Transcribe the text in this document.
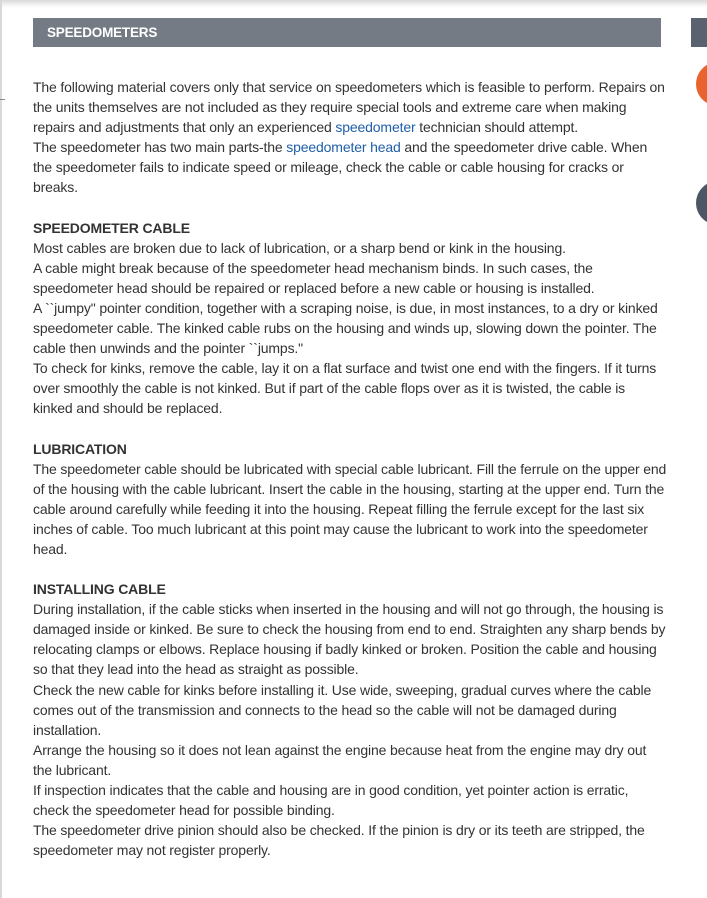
SPEEDOMETERS

The following material covers only that service on speedometers which is feasible to perform. Repairs on the units themselves are not included as they require special tools and extreme care when making repairs and adjustments that only an experienced speedometer technician should attempt.

The speedometer has two main parts-the speedometer head and the speedometer drive cable. When the speedometer fails to indicate speed or mileage, check the cable or cable housing for cracks or breaks.

SPEEDOMETER CABLE

Most cables are broken due to lack of lubrication, or a sharp bend or kink in the housing.

A cable might break because of the speedometer head mechanism binds. In such cases, the speedometer head should be repaired or replaced before a new cable or housing is installed.

A ``jumpy" pointer condition, together with a scraping noise, is due, in most instances, to a dry or kinked speedometer cable. The kinked cable rubs on the housing and winds up, slowing down the pointer. The cable then unwinds and the pointer ``jumps."

To check for kinks, remove the cable, lay it on a flat surface and twist one end with the fingers. If it turns over smoothly the cable is not kinked. But if part of the cable flops over as it is twisted, the cable is kinked and should be replaced.

LUBRICATION

The speedometer cable should be lubricated with special cable lubricant. Fill the ferrule on the upper end of the housing with the cable lubricant. Insert the cable in the housing, starting at the upper end. Turn the cable around carefully while feeding it into the housing. Repeat filling the ferrule except for the last six inches of cable. Too much lubricant at this point may cause the lubricant to work into the speedometer head.

INSTALLING CABLE

During installation, if the cable sticks when inserted in the housing and will not go through, the housing is damaged inside or kinked. Be sure to check the housing from end to end. Straighten any sharp bends by relocating clamps or elbows. Replace housing if badly kinked or broken. Position the cable and housing so that they lead into the head as straight as possible.

Check the new cable for kinks before installing it. Use wide, sweeping, gradual curves where the cable comes out of the transmission and connects to the head so the cable will not be damaged during installation.

Arrange the housing so it does not lean against the engine because heat from the engine may dry out the lubricant.

If inspection indicates that the cable and housing are in good condition, yet pointer action is erratic, check the speedometer head for possible binding.

The speedometer drive pinion should also be checked. If the pinion is dry or its teeth are stripped, the speedometer may not register properly.
